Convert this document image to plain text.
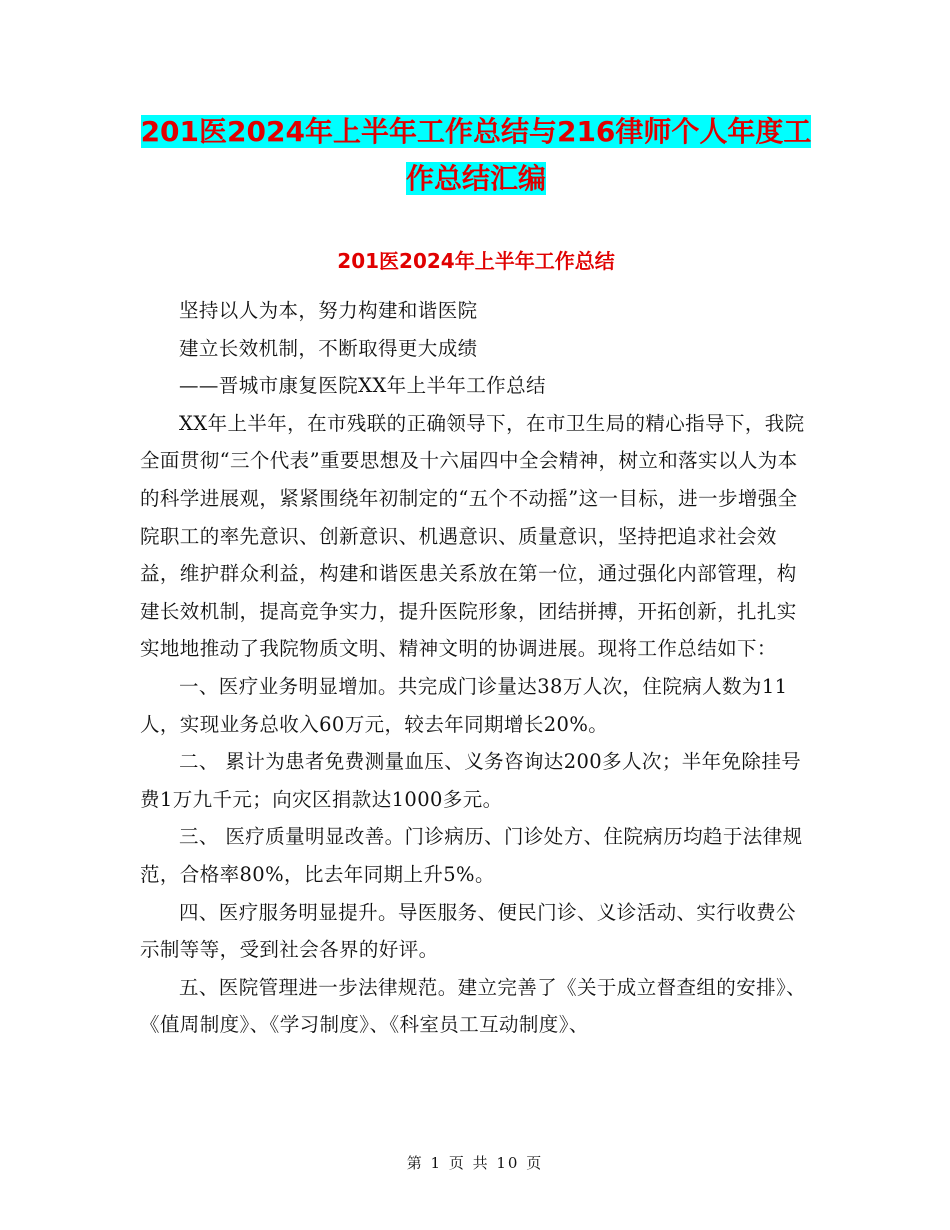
201医2024年上半年工作总结与216律师个人年度工
作总结汇编
201医2024年上半年工作总结

坚持以人为本，努力构建和谐医院

建立长效机制，不断取得更大成绩

——晋城市康复医院XX年上半年工作总结

XX年上半年，在市残联的正确领导下，在市卫生局的精心指导下，我院全面贯彻“三个代表”重要思想及十六届四中全会精神，树立和落实以人为本的科学进展观，紧紧围绕年初制定的“五个不动摇”这一目标，进一步增强全院职工的率先意识、创新意识、机遇意识、质量意识，坚持把追求社会效益，维护群众利益，构建和谐医患关系放在第一位，通过强化内部管理，构建长效机制，提高竞争实力，提升医院形象，团结拼搏，开拓创新，扎扎实实地地推动了我院物质文明、精神文明的协调进展。现将工作总结如下：

一、医疗业务明显增加。共完成门诊量达38万人次，住院病人数为11人，实现业务总收入60万元，较去年同期增长20%。

二、 累计为患者免费测量血压、义务咨询达200多人次；半年免除挂号费1万九千元；向灾区捐款达1000多元。

三、 医疗质量明显改善。门诊病历、门诊处方、住院病历均趋于法律规范，合格率80%，比去年同期上升5%。

四、医疗服务明显提升。导医服务、便民门诊、义诊活动、实行收费公示制等等，受到社会各界的好评。

五、医院管理进一步法律规范。建立完善了《关于成立督查组的安排》、《值周制度》、《学习制度》、《科室员工互动制度》、

第 1 页 共 10 页
